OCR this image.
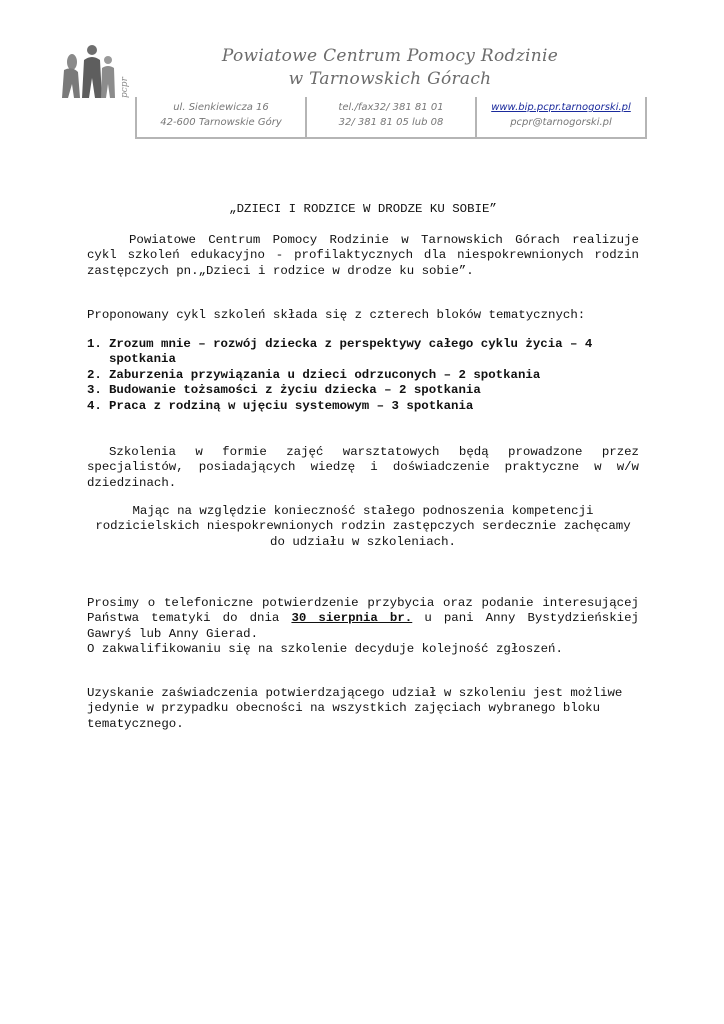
pcpr
Powiatowe Centrum Pomocy Rodzinie
w Tarnowskich Górach
ul. Sienkiewicza 16
42-600 Tarnowskie Góry
tel./fax32/ 381 81 01
32/ 381 81 05 lub 08
www.bip.pcpr.tarnogorski.pl
pcpr@tarnogorski.pl
„DZIECI I RODZICE W DRODZE KU SOBIE”
Powiatowe Centrum Pomocy Rodzinie w Tarnowskich Górach realizuje cykl szkoleń edukacyjno - profilaktycznych dla niespokrewnionych rodzin zastępczych pn.„Dzieci i rodzice w drodze ku sobie”.
Proponowany cykl szkoleń składa się z czterech bloków tematycznych:
1. Zrozum mnie – rozwój dziecka z perspektywy całego cyklu życia – 4 spotkania
2. Zaburzenia przywiązania u dzieci odrzuconych – 2 spotkania
3. Budowanie tożsamości z życiu dziecka – 2 spotkania
4. Praca z rodziną w ujęciu systemowym – 3 spotkania
Szkolenia w formie zajęć warsztatowych będą prowadzone przez specjalistów, posiadających wiedzę i doświadczenie praktyczne w w/w dziedzinach.
Mając na względzie konieczność stałego podnoszenia kompetencji rodzicielskich niespokrewnionych rodzin zastępczych serdecznie zachęcamy do udziału w szkoleniach.
Prosimy o telefoniczne potwierdzenie przybycia oraz podanie interesującej Państwa tematyki do dnia 30 sierpnia br. u pani Anny Bystydzieńskiej Gawryś lub Anny Gierad.
O zakwalifikowaniu się na szkolenie decyduje kolejność zgłoszeń.
Uzyskanie zaświadczenia potwierdzającego udział w szkoleniu jest możliwe jedynie w przypadku obecności na wszystkich zajęciach wybranego bloku tematycznego.
